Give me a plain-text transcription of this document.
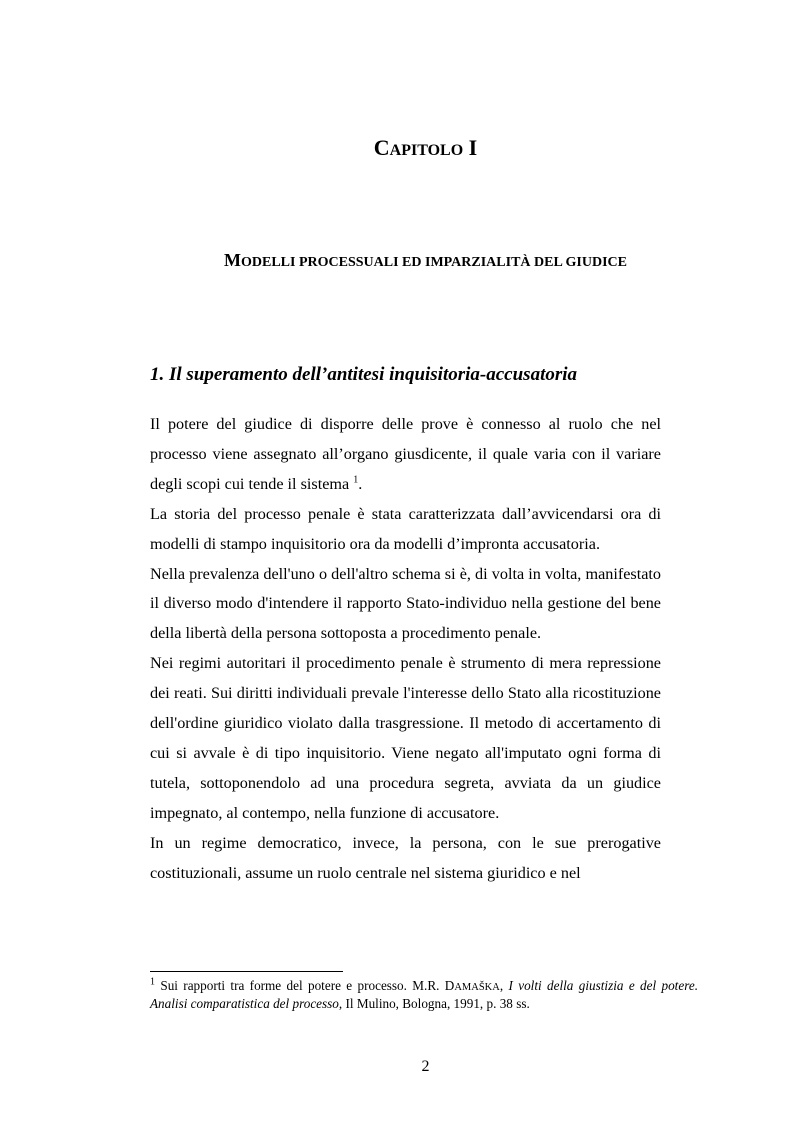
CAPITOLO I
MODELLI PROCESSUALI ED IMPARZIALITÀ DEL GIUDICE
1. Il superamento dell’antitesi inquisitoria-accusatoria

Il potere del giudice di disporre delle prove è connesso al ruolo che nel processo viene assegnato all’organo giusdicente, il quale varia con il variare degli scopi cui tende il sistema $^1$.

La storia del processo penale è stata caratterizzata dall’avvicendarsi ora di modelli di stampo inquisitorio ora da modelli d’impronta accusatoria.

Nella prevalenza dell'uno o dell'altro schema si è, di volta in volta, manifestato il diverso modo d'intendere il rapporto Stato-individuo nella gestione del bene della libertà della persona sottoposta a procedimento penale.

Nei regimi autoritari il procedimento penale è strumento di mera repressione dei reati. Sui diritti individuali prevale l'interesse dello Stato alla ricostituzione dell'ordine giuridico violato dalla trasgressione. Il metodo di accertamento di cui si avvale è di tipo inquisitorio. Viene negato all'imputato ogni forma di tutela, sottoponendolo ad una procedura segreta, avviata da un giudice impegnato, al contempo, nella funzione di accusatore.

In un regime democratico, invece, la persona, con le sue prerogative costituzionali, assume un ruolo centrale nel sistema giuridico e nel

$^1$ Sui rapporti tra forme del potere e processo. M.R. DAMAŠKA, I volti della giustizia e del potere. Analisi comparatistica del processo, Il Mulino, Bologna, 1991, p. 38 ss.

2
